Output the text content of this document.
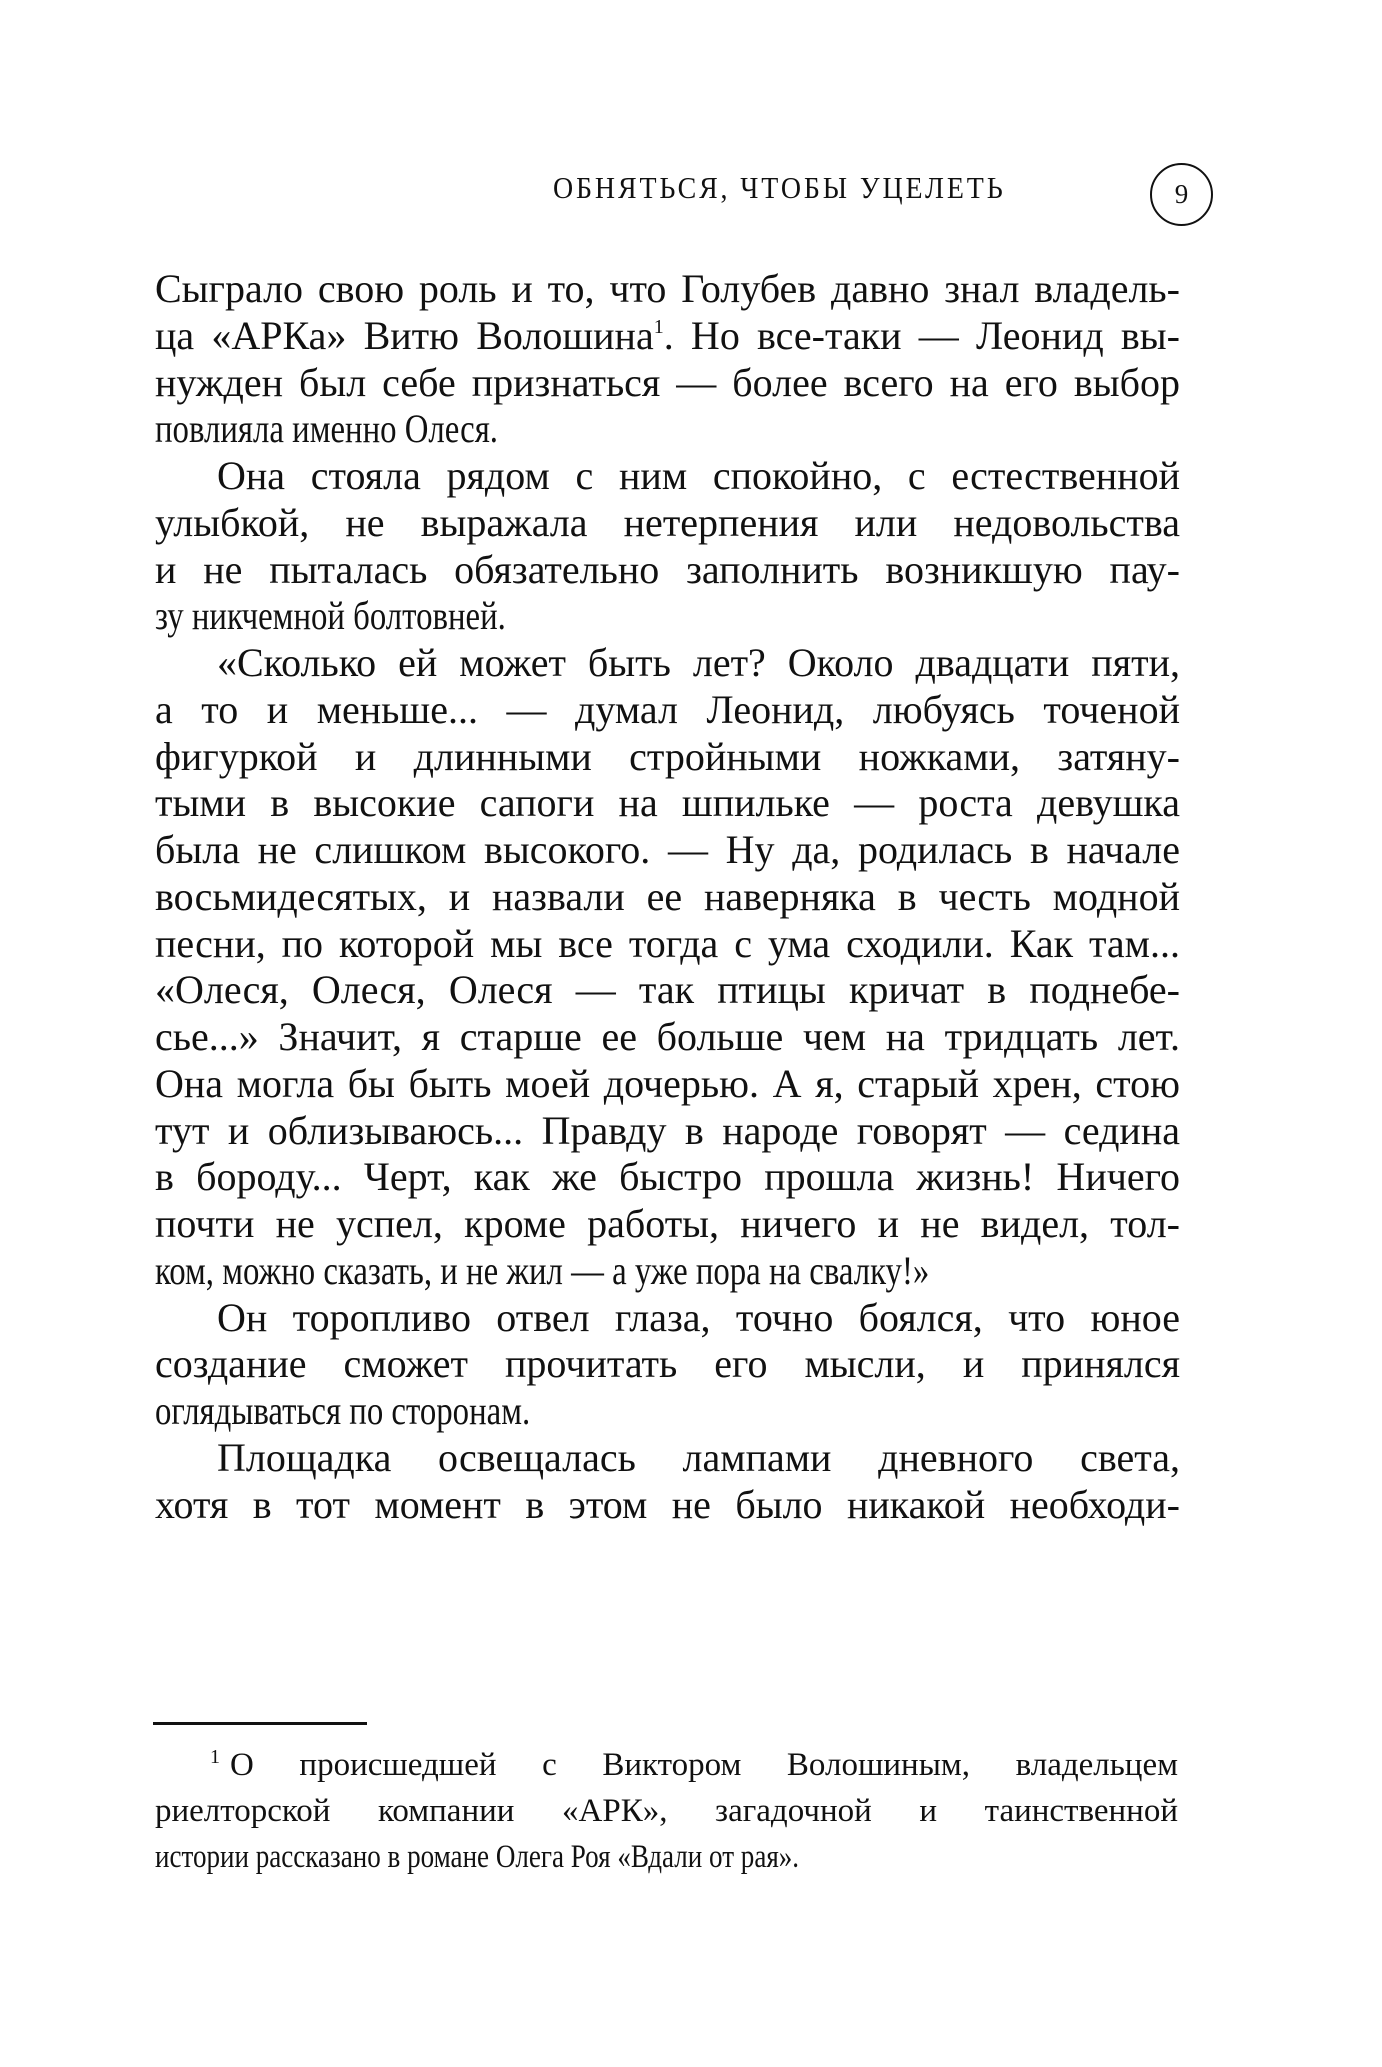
ОБНЯТЬСЯ, ЧТОБЫ УЦЕЛЕТЬ	9
Сыграло свою роль и то, что Голубев давно знал владель-
ца «АРКа» Витю Волошина$^1$. Но все-таки — Леонид вы-
нужден был себе признаться — более всего на его выбор
повлияла именно Олеся.
Она стояла рядом с ним спокойно, с естественной
улыбкой, не выражала нетерпения или недовольства
и не пыталась обязательно заполнить возникшую пау-
зу никчемной болтовней.
«Сколько ей может быть лет? Около двадцати пяти,
а то и меньше... — думал Леонид, любуясь точеной
фигуркой и длинными стройными ножками, затяну-
тыми в высокие сапоги на шпильке — роста девушка
была не слишком высокого. — Ну да, родилась в начале
восьмидесятых, и назвали ее наверняка в честь модной
песни, по которой мы все тогда с ума сходили. Как там...
«Олеся, Олеся, Олеся — так птицы кричат в поднебе-
сье...» Значит, я старше ее больше чем на тридцать лет.
Она могла бы быть моей дочерью. А я, старый хрен, стою
тут и облизываюсь... Правду в народе говорят — седина
в бороду... Черт, как же быстро прошла жизнь! Ничего
почти не успел, кроме работы, ничего и не видел, тол-
ком, можно сказать, и не жил — а уже пора на свалку!»
Он торопливо отвел глаза, точно боялся, что юное
создание сможет прочитать его мысли, и принялся
оглядываться по сторонам.
Площадка освещалась лампами дневного света,
хотя в тот момент в этом не было никакой необходи-
$^1$ О происшедшей с Виктором Волошиным, владельцем
риелторской компании «АРК», загадочной и таинственной
истории рассказано в романе Олега Роя «Вдали от рая».
